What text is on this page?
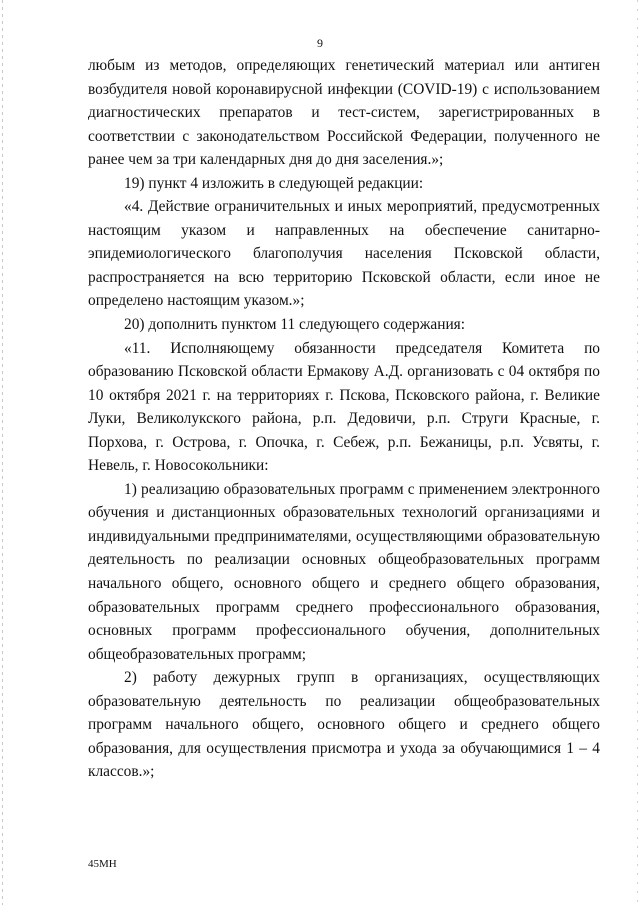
9

любым из методов, определяющих генетический материал или антиген возбудителя новой коронавирусной инфекции (COVID-19) с использованием диагностических препаратов и тест-систем, зарегистрированных в соответствии с законодательством Российской Федерации, полученного не ранее чем за три календарных дня до дня заселения.»;

19) пункт 4 изложить в следующей редакции:

«4. Действие ограничительных и иных мероприятий, предусмотренных настоящим указом и направленных на обеспечение санитарно-эпидемиологического благополучия населения Псковской области, распространяется на всю территорию Псковской области, если иное не определено настоящим указом.»;

20) дополнить пунктом 11 следующего содержания:

«11. Исполняющему обязанности председателя Комитета по образованию Псковской области Ермакову А.Д. организовать с 04 октября по 10 октября 2021 г. на территориях г. Пскова, Псковского района, г. Великие Луки, Великолукского района, р.п. Дедовичи, р.п. Струги Красные, г. Порхова, г. Острова, г. Опочка, г. Себеж, р.п. Бежаницы, р.п. Усвяты, г. Невель, г. Новосокольники:

1) реализацию образовательных программ с применением электронного обучения и дистанционных образовательных технологий организациями и индивидуальными предпринимателями, осуществляющими образовательную деятельность по реализации основных общеобразовательных программ начального общего, основного общего и среднего общего образования, образовательных программ среднего профессионального образования, основных программ профессионального обучения, дополнительных общеобразовательных программ;

2) работу дежурных групп в организациях, осуществляющих образовательную деятельность по реализации общеобразовательных программ начального общего, основного общего и среднего общего образования, для осуществления присмотра и ухода за обучающимися 1 – 4 классов.»;

45МН
